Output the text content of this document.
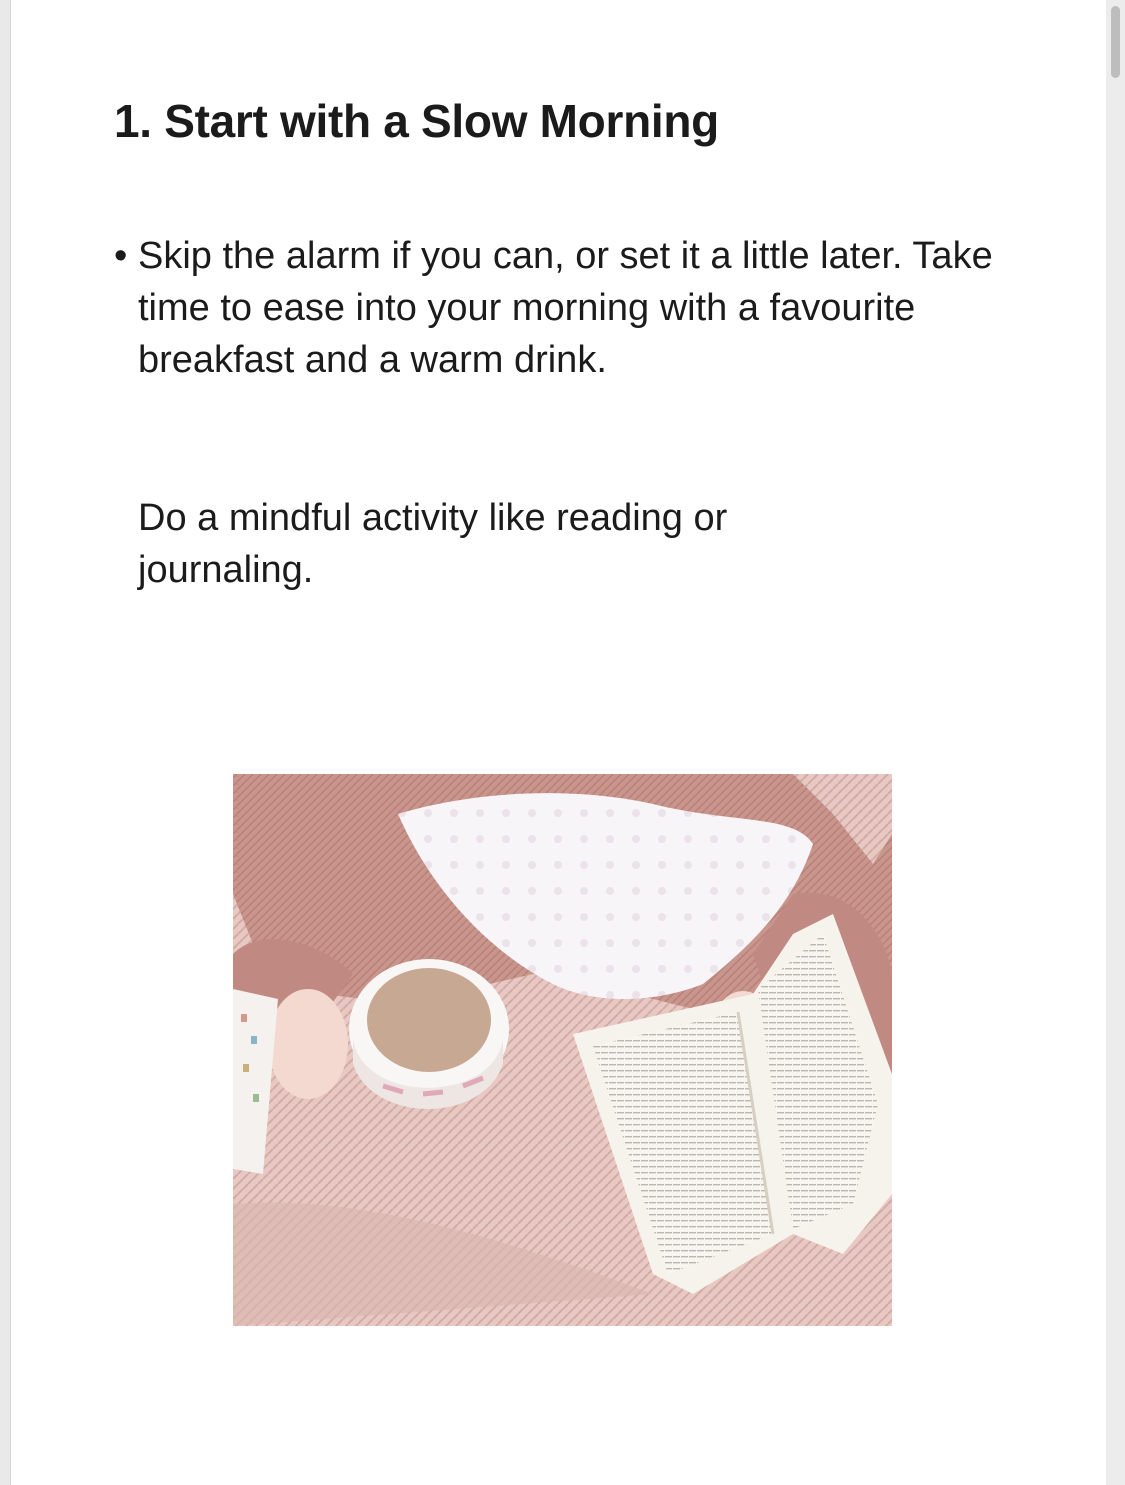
1. Start with a Slow Morning
• Skip the alarm if you can, or set it a little later. Take time to ease into your morning with a favourite breakfast and a warm drink.
Do a mindful activity like reading or journaling.
